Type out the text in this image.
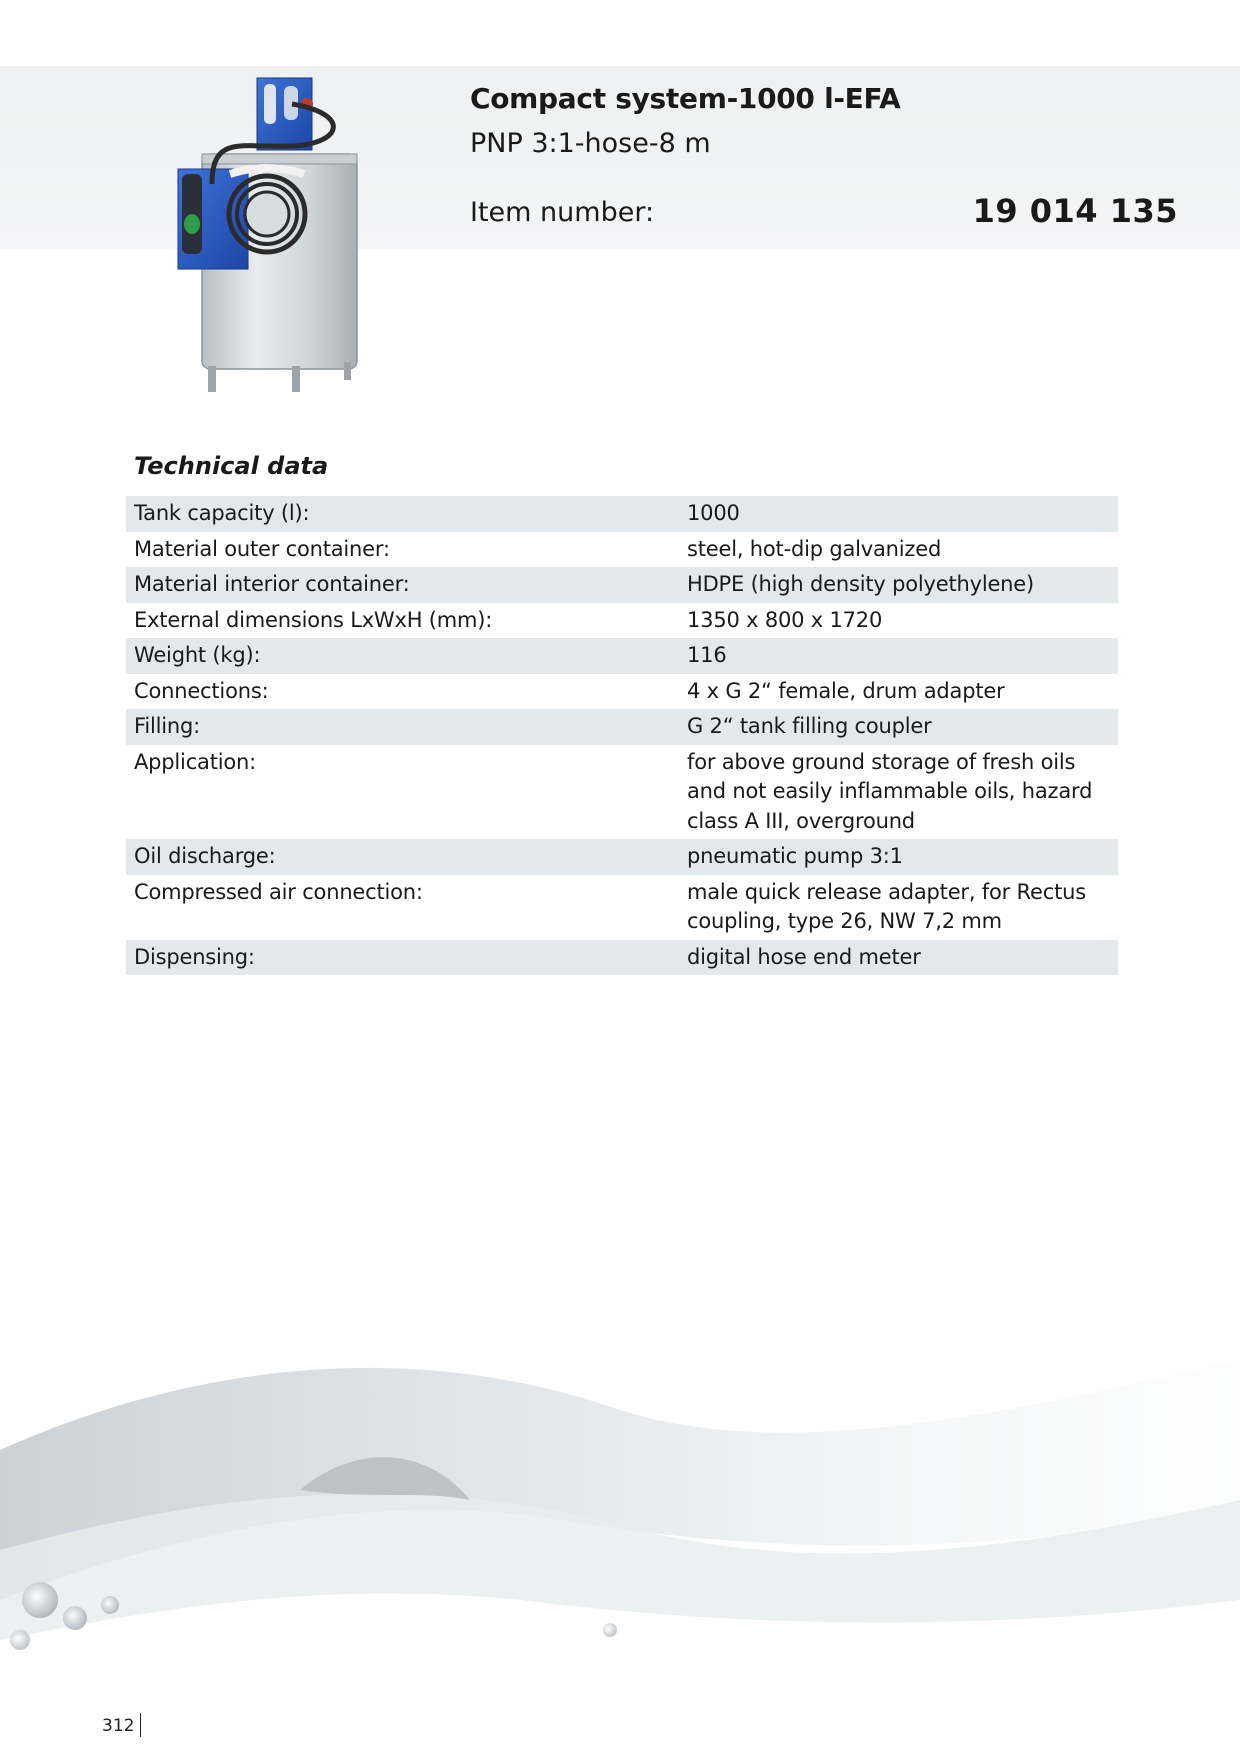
Compact system-1000 l-EFA
PNP 3:1-hose-8 m
Item number:	19 014 135
Technical data
Tank capacity (l):	1000
Material outer container:	steel, hot-dip galvanized
Material interior container:	HDPE (high density polyethylene)
External dimensions LxWxH (mm):	1350 x 800 x 1720
Weight (kg):	116
Connections:	4 x G 2“ female, drum adapter
Filling:	G 2“ tank filling coupler
Application:	for above ground storage of fresh oils and not easily inflammable oils, hazard class A III, overground
Oil discharge:	pneumatic pump 3:1
Compressed air connection:	male quick release adapter, for Rectus coupling, type 26, NW 7,2 mm
Dispensing:	digital hose end meter
312
